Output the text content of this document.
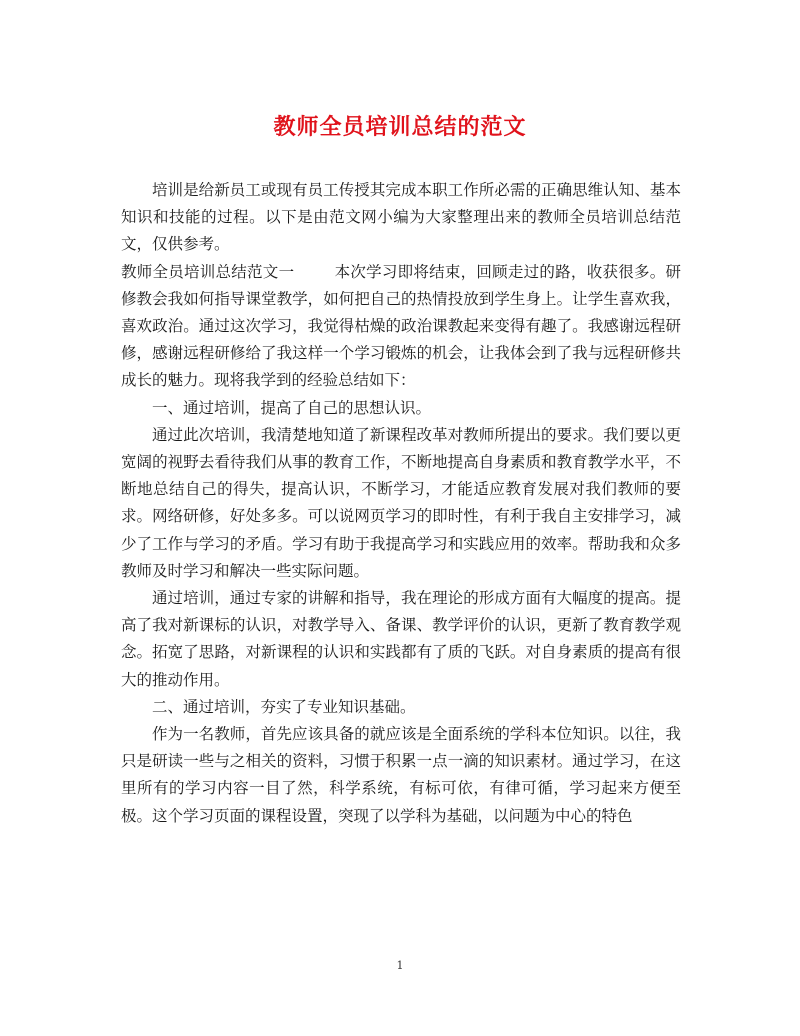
教师全员培训总结的范文

培训是给新员工或现有员工传授其完成本职工作所必需的正确思维认知、基本知识和技能的过程。以下是由范文网小编为大家整理出来的教师全员培训总结范文，仅供参考。

教师全员培训总结范文一	本次学习即将结束，回顾走过的路，收获很多。研修教会我如何指导课堂教学，如何把自己的热情投放到学生身上。让学生喜欢我，喜欢政治。通过这次学习，我觉得枯燥的政治课教起来变得有趣了。我感谢远程研修，感谢远程研修给了我这样一个学习锻炼的机会，让我体会到了我与远程研修共成长的魅力。现将我学到的经验总结如下：

一、通过培训，提高了自己的思想认识。

通过此次培训，我清楚地知道了新课程改革对教师所提出的要求。我们要以更宽阔的视野去看待我们从事的教育工作，不断地提高自身素质和教育教学水平，不断地总结自己的得失，提高认识，不断学习，才能适应教育发展对我们教师的要求。网络研修，好处多多。可以说网页学习的即时性，有利于我自主安排学习，减少了工作与学习的矛盾。学习有助于我提高学习和实践应用的效率。帮助我和众多教师及时学习和解决一些实际问题。

通过培训，通过专家的讲解和指导，我在理论的形成方面有大幅度的提高。提高了我对新课标的认识，对教学导入、备课、教学评价的认识，更新了教育教学观念。拓宽了思路，对新课程的认识和实践都有了质的飞跃。对自身素质的提高有很大的推动作用。

二、通过培训，夯实了专业知识基础。

作为一名教师，首先应该具备的就应该是全面系统的学科本位知识。以往，我只是研读一些与之相关的资料，习惯于积累一点一滴的知识素材。通过学习，在这里所有的学习内容一目了然，科学系统，有标可依，有律可循，学习起来方便至极。这个学习页面的课程设置，突现了以学科为基础，以问题为中心的特色

1
